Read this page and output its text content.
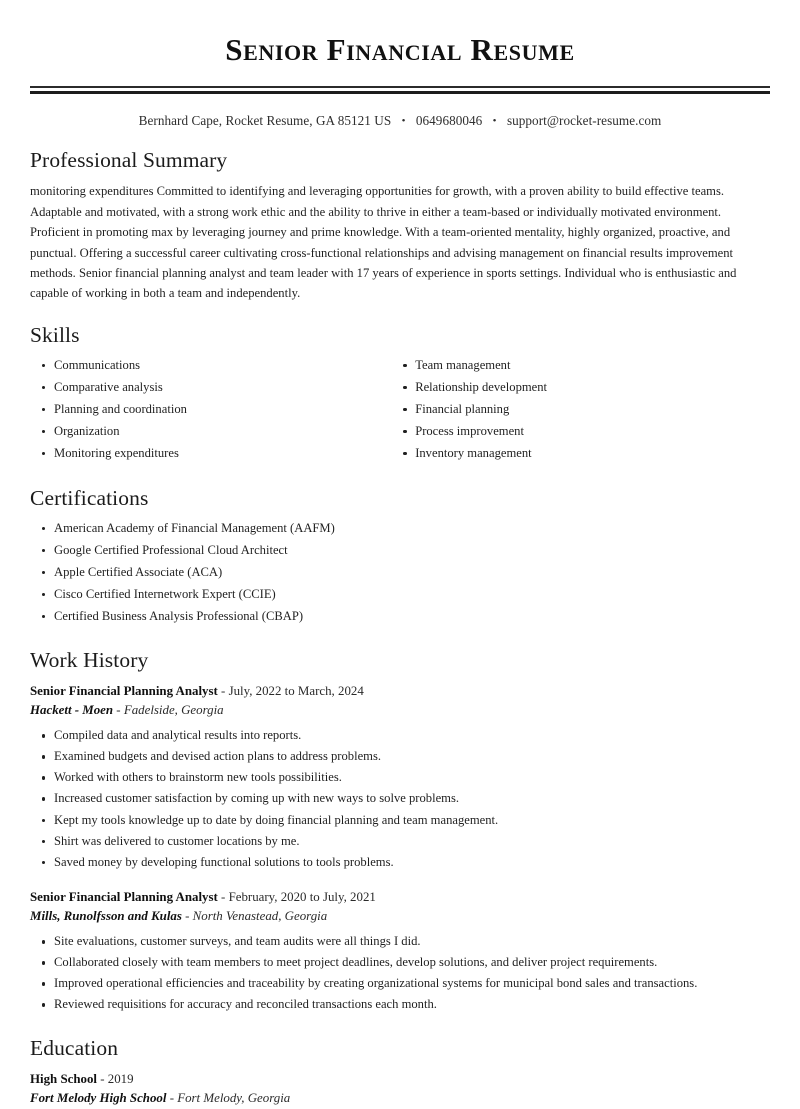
Senior Financial Resume
Bernhard Cape, Rocket Resume, GA 85121 US • 0649680046 • support@rocket-resume.com
Professional Summary

monitoring expenditures Committed to identifying and leveraging opportunities for growth, with a proven ability to build effective teams. Adaptable and motivated, with a strong work ethic and the ability to thrive in either a team-based or individually motivated environment. Proficient in promoting max by leveraging journey and prime knowledge. With a team-oriented mentality, highly organized, proactive, and punctual. Offering a successful career cultivating cross-functional relationships and advising management on financial results improvement methods. Senior financial planning analyst and team leader with 17 years of experience in sports settings. Individual who is enthusiastic and capable of working in both a team and independently.

Skills
Communications
Comparative analysis
Planning and coordination
Organization
Monitoring expenditures
Team management
Relationship development
Financial planning
Process improvement
Inventory management
Certifications
American Academy of Financial Management (AAFM)
Google Certified Professional Cloud Architect
Apple Certified Associate (ACA)
Cisco Certified Internetwork Expert (CCIE)
Certified Business Analysis Professional (CBAP)
Work History
Senior Financial Planning Analyst - July, 2022 to March, 2024
Hackett - Moen - Fadelside, Georgia
Compiled data and analytical results into reports.
Examined budgets and devised action plans to address problems.
Worked with others to brainstorm new tools possibilities.
Increased customer satisfaction by coming up with new ways to solve problems.
Kept my tools knowledge up to date by doing financial planning and team management.
Shirt was delivered to customer locations by me.
Saved money by developing functional solutions to tools problems.
Senior Financial Planning Analyst - February, 2020 to July, 2021
Mills, Runolfsson and Kulas - North Venastead, Georgia
Site evaluations, customer surveys, and team audits were all things I did.
Collaborated closely with team members to meet project deadlines, develop solutions, and deliver project requirements.
Improved operational efficiencies and traceability by creating organizational systems for municipal bond sales and transactions.
Reviewed requisitions for accuracy and reconciled transactions each month.
Education
High School - 2019
Fort Melody High School - Fort Melody, Georgia
